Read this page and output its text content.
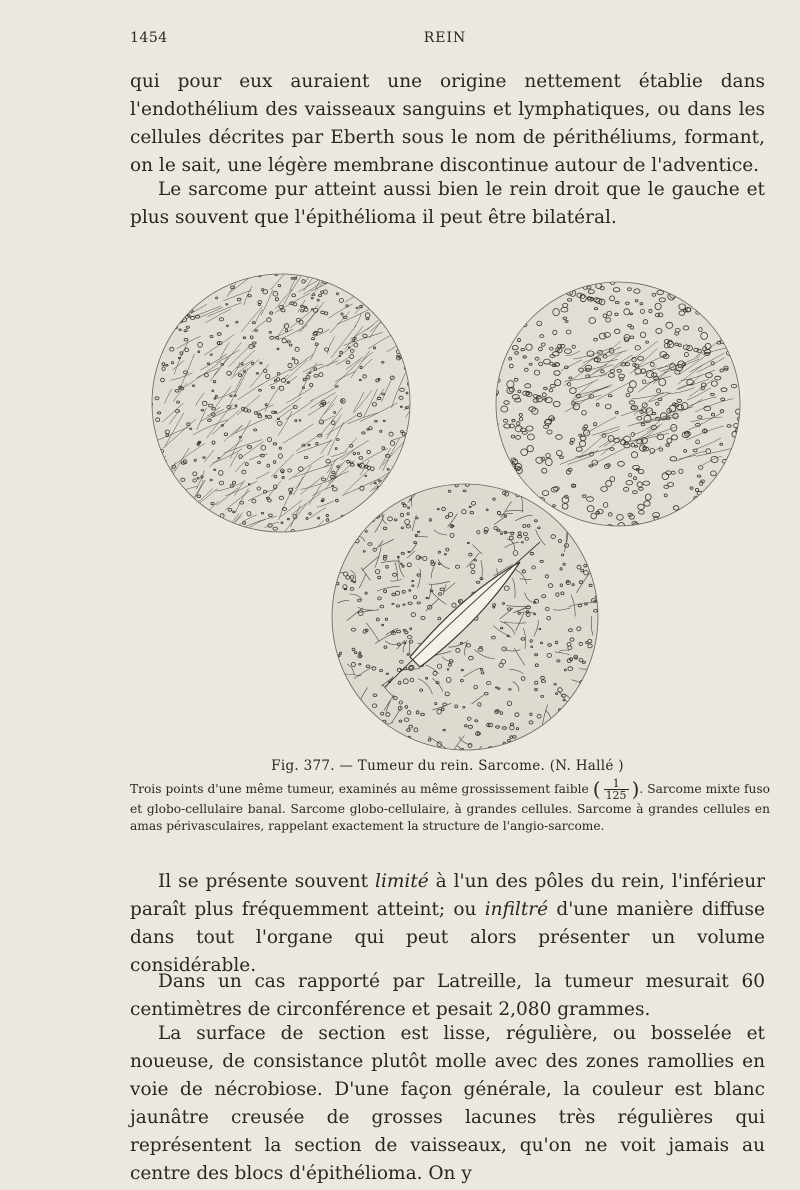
1454	REIN

qui pour eux auraient une origine nettement établie dans l'endothélium des vaisseaux sanguins et lymphatiques, ou dans les cellules décrites par Eberth sous le nom de périthéliums, formant, on le sait, une légère membrane discontinue autour de l'adventice.

Le sarcome pur atteint aussi bien le rein droit que le gauche et plus souvent que l'épithélioma il peut être bilatéral.

Fig. 377. — Tumeur du rein. Sarcome. (N. Hallé )
Trois points d'une même tumeur, examinés au même grossissement faible ( $\frac{1}{125}$ ). Sarcome mixte fuso et globo-cellulaire banal. Sarcome globo-cellulaire, à grandes cellules. Sarcome à grandes cellules en amas périvasculaires, rappelant exactement la structure de l'angio-sarcome.

Il se présente souvent limité à l'un des pôles du rein, l'inférieur paraît plus fréquemment atteint; ou infiltré d'une manière diffuse dans tout l'organe qui peut alors présenter un volume considérable.

Dans un cas rapporté par Latreille, la tumeur mesurait 60 centimètres de circonférence et pesait 2,080 grammes.

La surface de section est lisse, régulière, ou bosselée et noueuse, de consistance plutôt molle avec des zones ramollies en voie de nécrobiose. D'une façon générale, la couleur est blanc jaunâtre creusée de grosses lacunes très régulières qui représentent la section de vaisseaux, qu'on ne voit jamais au centre des blocs d'épithélioma. On y
